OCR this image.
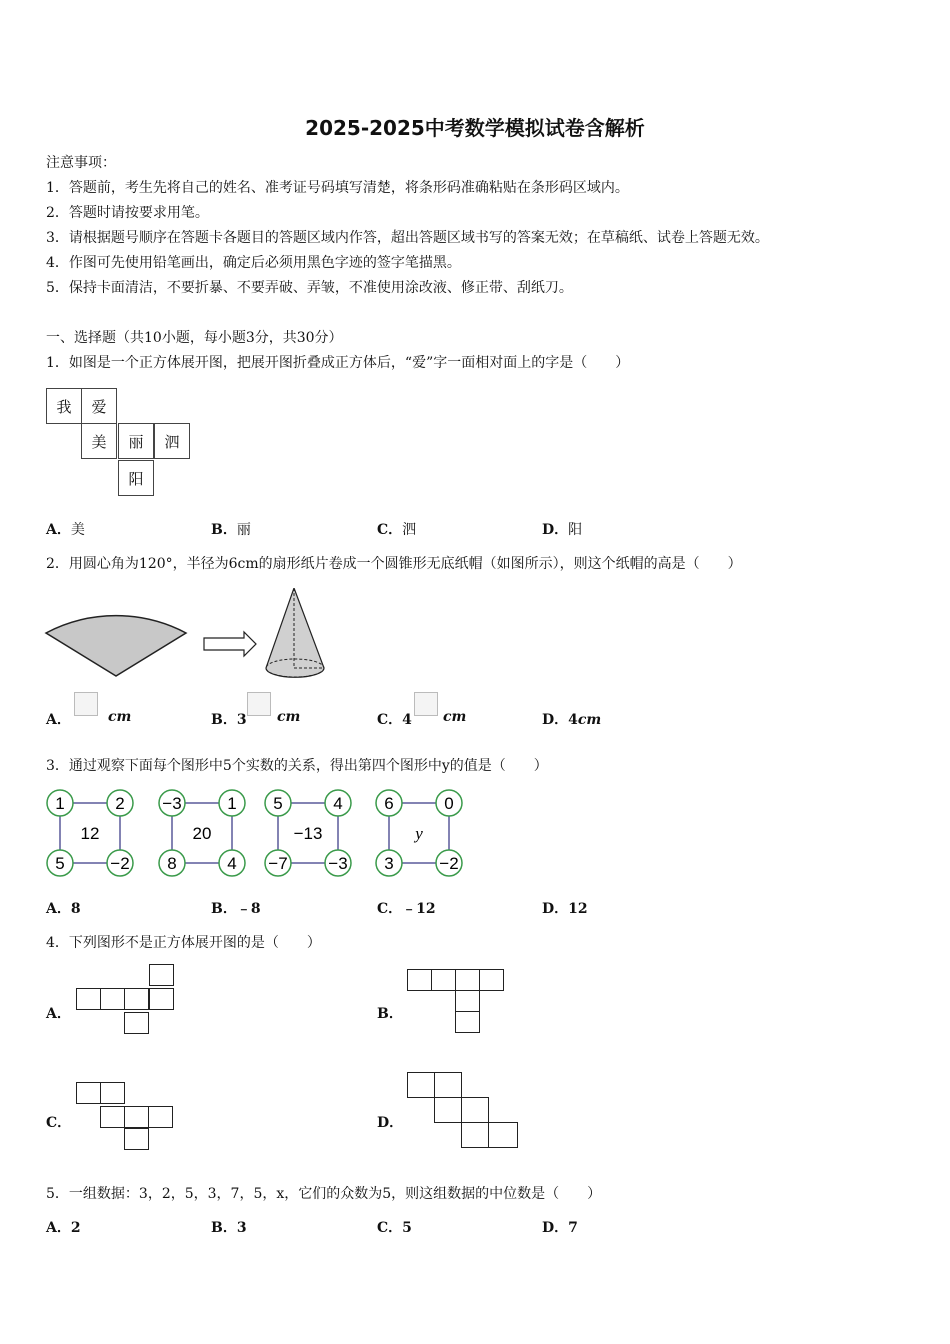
2025-2025中考数学模拟试卷含解析
注意事项：
1．答题前，考生先将自己的姓名、准考证号码填写清楚，将条形码准确粘贴在条形码区域内。
2．答题时请按要求用笔。
3．请根据题号顺序在答题卡各题目的答题区域内作答，超出答题区域书写的答案无效；在草稿纸、试卷上答题无效。
4．作图可先使用铅笔画出，确定后必须用黑色字迹的签字笔描黑。
5．保持卡面清洁，不要折暴、不要弄破、弄皱，不准使用涂改液、修正带、刮纸刀。
一、选择题（共10小题，每小题3分，共30分）
1．如图是一个正方体展开图，把展开图折叠成正方体后，“爱”字一面相对面上的字是（　　）
我	爱
美	丽	泗
阳
A．美	B．丽	C．泗	D．阳
2．用圆心角为120°，半径为6cm的扇形纸片卷成一个圆锥形无底纸帽（如图所示），则这个纸帽的高是（　　）
A．	cm	B．3 cm	C．4 cm	D．4cm
3．通过观察下面每个图形中5个实数的关系，得出第四个图形中y的值是（　　）
1	2
5	−2
12
−3	1
8	4
20
5	4
−7 −3
−13
6	0
3	−2
y
A．8	B．﹣8	C．﹣12	D．12
4．下列图形不是正方体展开图的是（　　）
A．	B．
C．	D．
5．一组数据：3，2，5，3，7，5，x，它们的众数为5，则这组数据的中位数是（　　）
A．2	B．3	C．5	D．7
